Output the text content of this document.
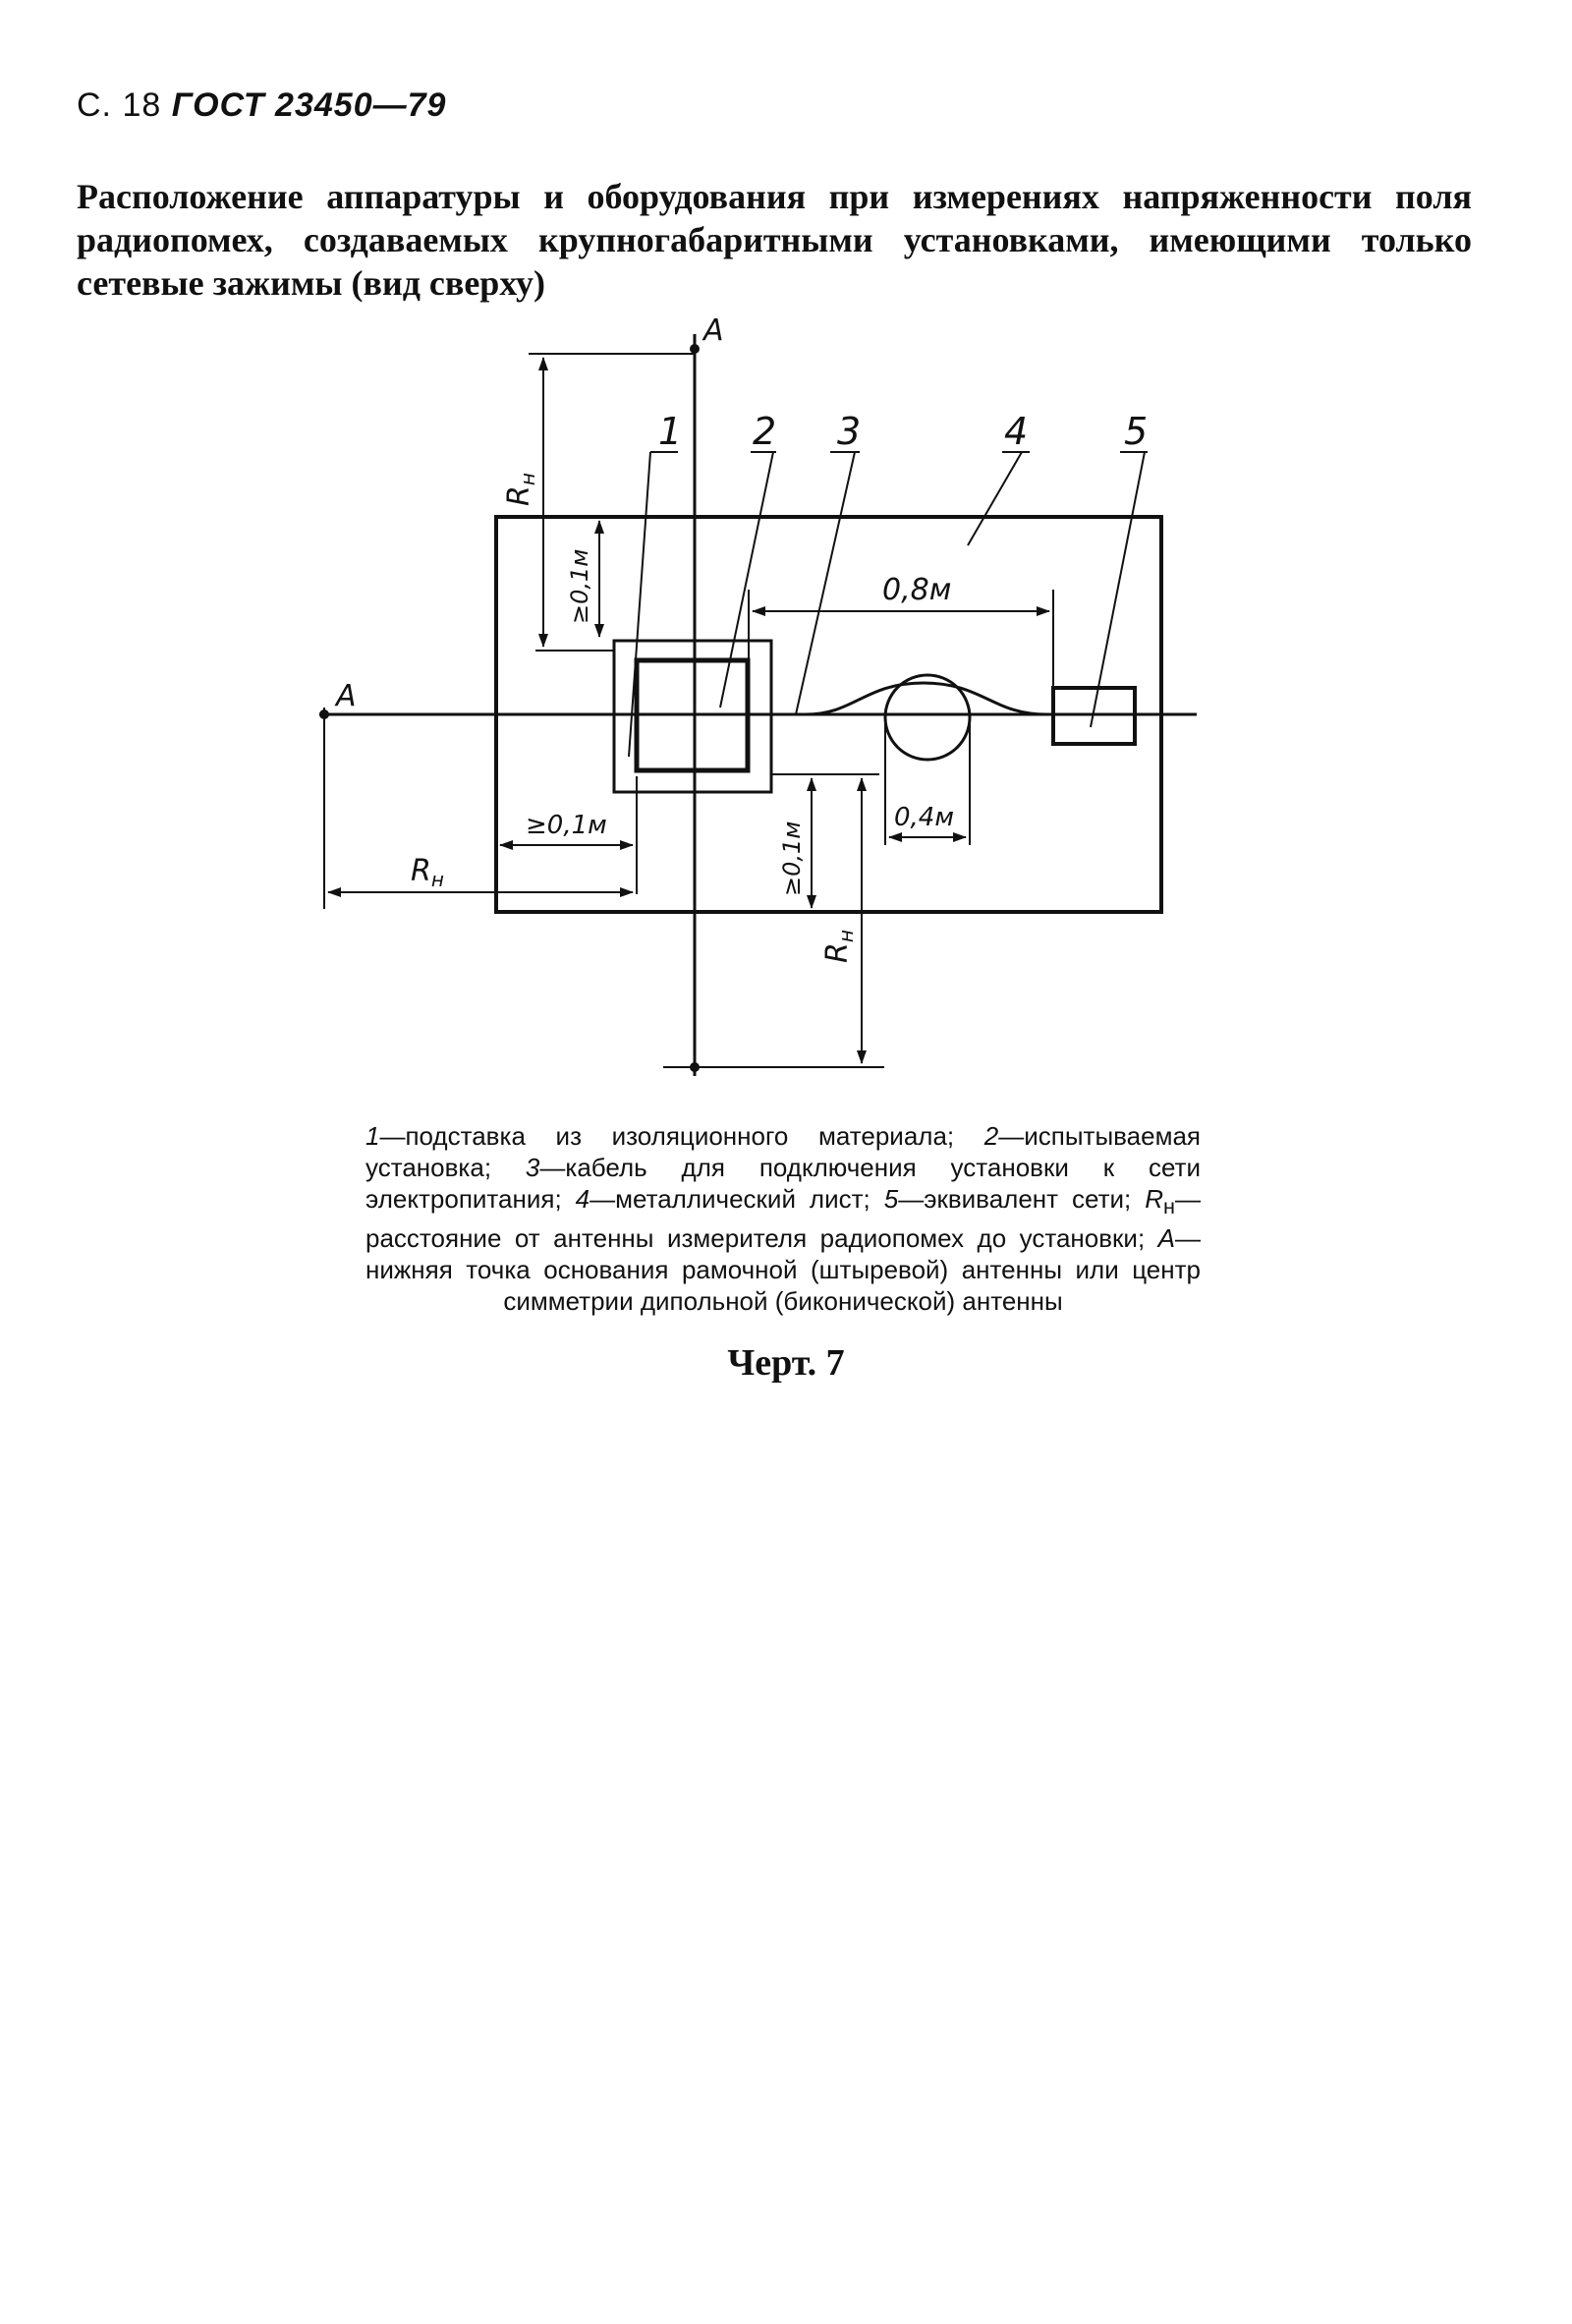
С. 18 ГОСТ 23450—79
Расположение аппаратуры и оборудования при измерениях напряженности поля радиопомех, создаваемых крупногабаритными установками, имеющими только сетевые зажимы (вид сверху)
A
A
1 2 3	4	5
0,8м
0,4м
≥0,1м
$R_н$
$R_н$
≥0,1м
≥0,1м
$R_н$
1—подставка из изоляционного материала; 2—испытываемая установка; 3—кабель для подключения установки к сети электропитания; 4—металлический лист; 5—эквивалент сети; $R_н—расстояние$ от антенны измерителя радиопомех до установки; A—нижняя точка основания рамочной (штыревой) антенны или центр симметрии дипольной (биконической) антенны
Черт. 7
